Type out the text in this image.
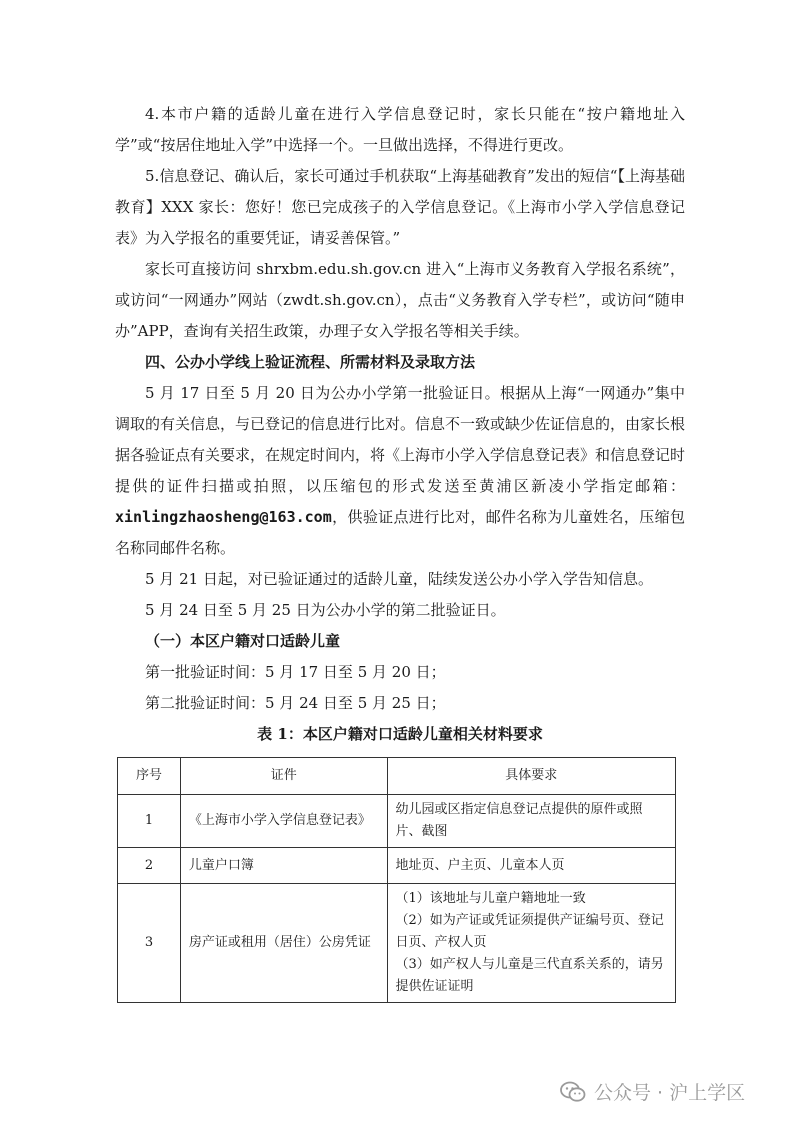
4.本市户籍的适龄儿童在进行入学信息登记时，家长只能在“按户籍地址入学”或“按居住地址入学”中选择一个。一旦做出选择，不得进行更改。

5.信息登记、确认后，家长可通过手机获取“上海基础教育”发出的短信“【上海基础教育】XXX 家长：您好！您已完成孩子的入学信息登记。《上海市小学入学信息登记表》为入学报名的重要凭证，请妥善保管。”

家长可直接访问 shrxbm.edu.sh.gov.cn 进入“上海市义务教育入学报名系统”，或访问“一网通办”网站（zwdt.sh.gov.cn），点击“义务教育入学专栏”，或访问“随申办”APP，查询有关招生政策，办理子女入学报名等相关手续。

四、公办小学线上验证流程、所需材料及录取方法

5 月 17 日至 5 月 20 日为公办小学第一批验证日。根据从上海“一网通办”集中调取的有关信息，与已登记的信息进行比对。信息不一致或缺少佐证信息的，由家长根据各验证点有关要求，在规定时间内，将《上海市小学入学信息登记表》和信息登记时提供的证件扫描或拍照，以压缩包的形式发送至黄浦区新凌小学指定邮箱：xinlingzhaosheng@163.com，供验证点进行比对，邮件名称为儿童姓名，压缩包名称同邮件名称。

5 月 21 日起，对已验证通过的适龄儿童，陆续发送公办小学入学告知信息。

5 月 24 日至 5 月 25 日为公办小学的第二批验证日。

（一）本区户籍对口适龄儿童

第一批验证时间：5 月 17 日至 5 月 20 日；

第二批验证时间：5 月 24 日至 5 月 25 日；

表 1：本区户籍对口适龄儿童相关材料要求
序号	证件	具体要求
1	《上海市小学入学信息登记表》	幼儿园或区指定信息登记点提供的原件或照片、截图

2	儿童户口簿	地址页、户主页、儿童本人页

3	房产证或租用（居住）公房凭证	（1）该地址与儿童户籍地址一致
（2）如为产证或凭证须提供产证编号页、登记日页、产权人页
（3）如产权人与儿童是三代直系关系的，请另提供佐证证明
公众号 · 沪上学区
